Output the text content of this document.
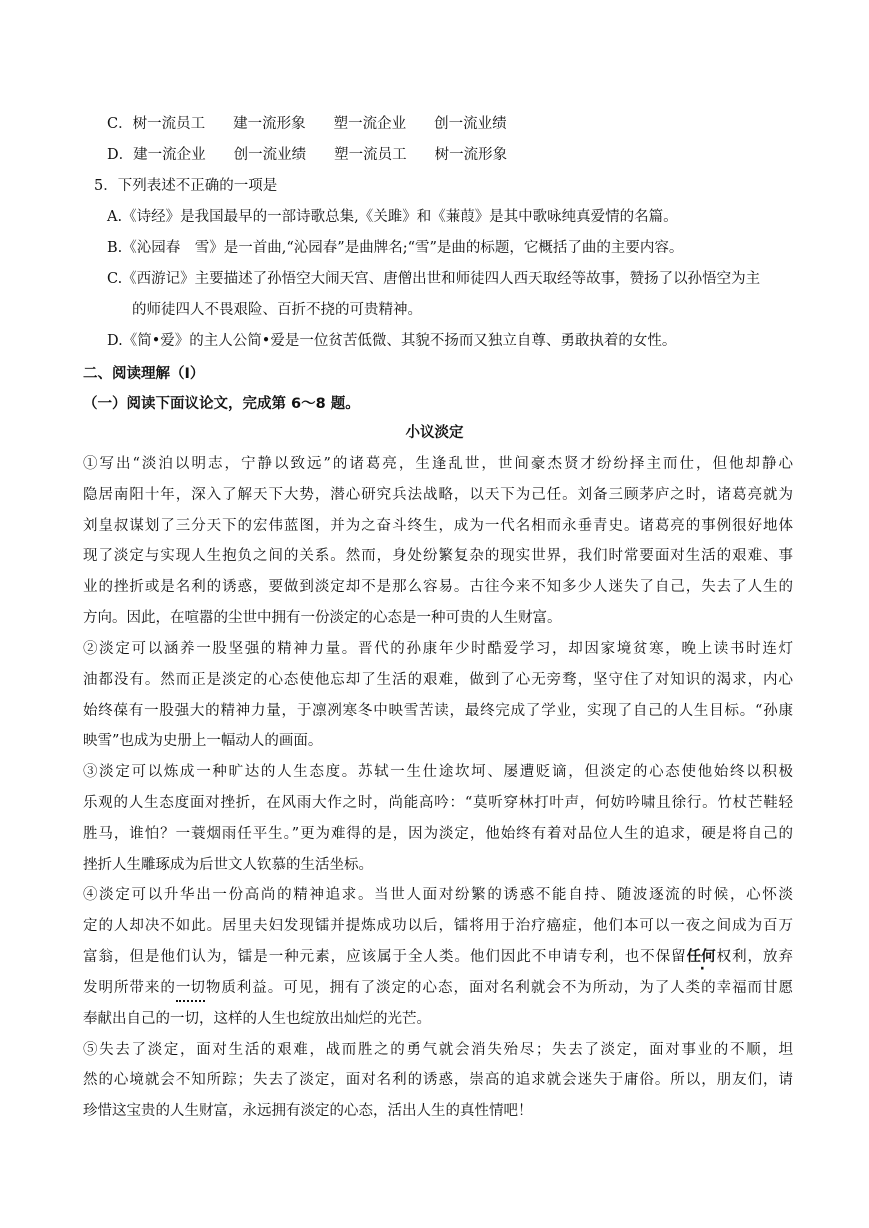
C．树一流员工 建一流形象 塑一流企业 创一流业绩
D．建一流企业 创一流业绩 塑一流员工 树一流形象
5．下列表述不正确的一项是
A.《诗经》是我国最早的一部诗歌总集,《关雎》和《蒹葭》是其中歌咏纯真爱情的名篇。
B.《沁园春　雪》是一首曲,“沁园春”是曲牌名;“雪”是曲的标题，它概括了曲的主要内容。
C.《西游记》主要描述了孙悟空大闹天宫、唐僧出世和师徒四人西天取经等故事，赞扬了以孙悟空为主
的师徒四人不畏艰险、百折不挠的可贵精神。
D.《简•爱》的主人公简•爱是一位贫苦低微、其貌不扬而又独立自尊、勇敢执着的女性。
二、阅读理解（Ⅰ）
（一）阅读下面议论文，完成第 6～8 题。
小议淡定
①写出“淡泊以明志，宁静以致远”的诸葛亮，生逢乱世，世间豪杰贤才纷纷择主而仕，但他却静心
隐居南阳十年，深入了解天下大势，潜心研究兵法战略，以天下为己任。刘备三顾茅庐之时，诸葛亮就为
刘皇叔谋划了三分天下的宏伟蓝图，并为之奋斗终生，成为一代名相而永垂青史。诸葛亮的事例很好地体
现了淡定与实现人生抱负之间的关系。然而，身处纷繁复杂的现实世界，我们时常要面对生活的艰难、事
业的挫折或是名利的诱惑，要做到淡定却不是那么容易。古往今来不知多少人迷失了自己，失去了人生的
方向。因此，在喧嚣的尘世中拥有一份淡定的心态是一种可贵的人生财富。
②淡定可以涵养一股坚强的精神力量。晋代的孙康年少时酷爱学习，却因家境贫寒，晚上读书时连灯
油都没有。然而正是淡定的心态使他忘却了生活的艰难，做到了心无旁骛，坚守住了对知识的渴求，内心
始终葆有一股强大的精神力量，于凛冽寒冬中映雪苦读，最终完成了学业，实现了自己的人生目标。“孙康
映雪”也成为史册上一幅动人的画面。
③淡定可以炼成一种旷达的人生态度。苏轼一生仕途坎坷、屡遭贬谪，但淡定的心态使他始终以积极
乐观的人生态度面对挫折，在风雨大作之时，尚能高吟：“莫听穿林打叶声，何妨吟啸且徐行。竹杖芒鞋轻
胜马，谁怕？一蓑烟雨任平生。”更为难得的是，因为淡定，他始终有着对品位人生的追求，硬是将自己的
挫折人生雕琢成为后世文人钦慕的生活坐标。
④淡定可以升华出一份高尚的精神追求。当世人面对纷繁的诱惑不能自持、随波逐流的时候，心怀淡
定的人却决不如此。居里夫妇发现镭并提炼成功以后，镭将用于治疗癌症，他们本可以一夜之间成为百万
富翁，但是他们认为，镭是一种元素，应该属于全人类。他们因此不申请专利，也不保留任何权利，放弃
发明所带来的一切物质利益。可见，拥有了淡定的心态，面对名利就会不为所动，为了人类的幸福而甘愿
奉献出自己的一切，这样的人生也绽放出灿烂的光芒。
⑤失去了淡定，面对生活的艰难，战而胜之的勇气就会消失殆尽；失去了淡定，面对事业的不顺，坦
然的心境就会不知所踪；失去了淡定，面对名利的诱惑，崇高的追求就会迷失于庸俗。所以，朋友们，请
珍惜这宝贵的人生财富，永远拥有淡定的心态，活出人生的真性情吧！
